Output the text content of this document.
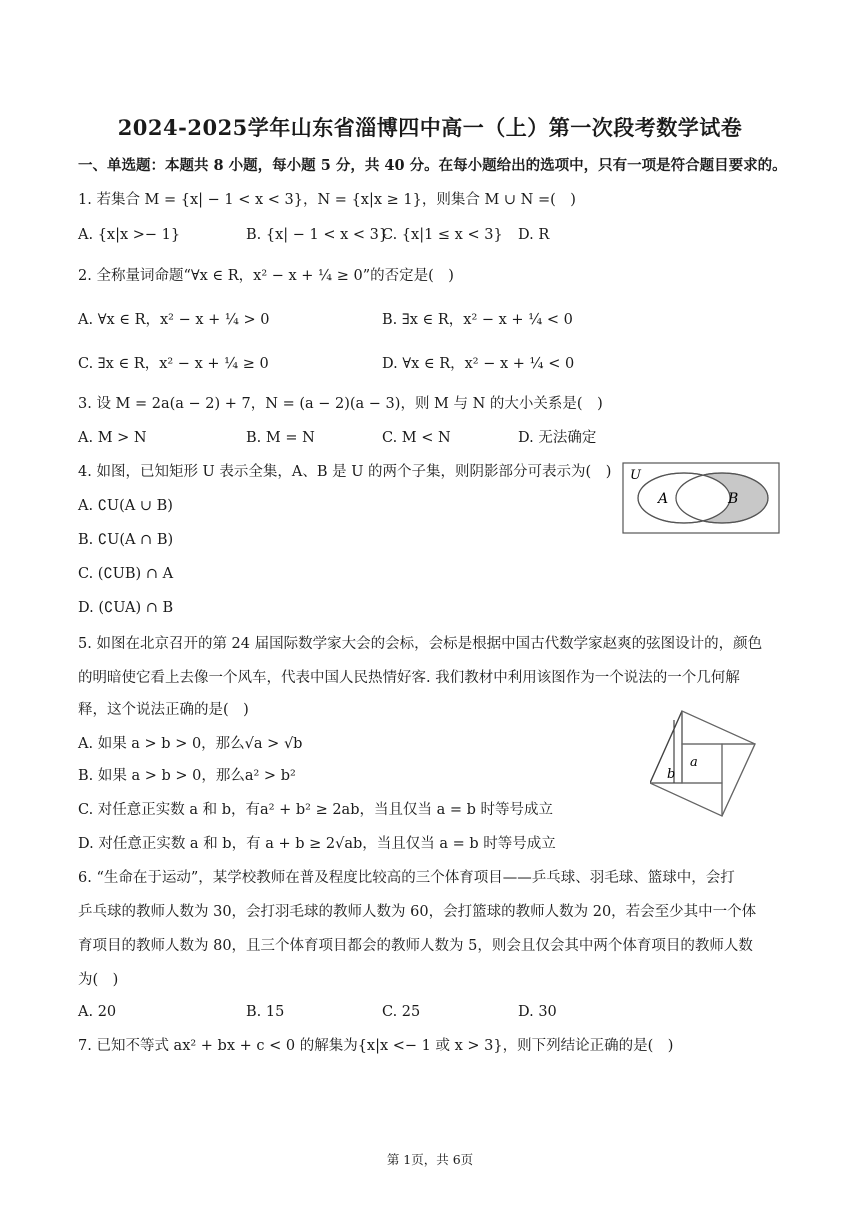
2024-2025学年山东省淄博四中高一（上）第一次段考数学试卷
一、单选题：本题共 8 小题，每小题 5 分，共 40 分。在每小题给出的选项中，只有一项是符合题目要求的。
1. 若集合 M = {x| − 1 < x < 3}，N = {x|x ≥ 1}，则集合 M ∪ N =(　)
A. {x|x >− 1}	B. {x| − 1 < x < 3}
C. {x|1 ≤ x < 3} D. R
2. 全称量词命题“∀x ∈ R，x² − x + ¼ ≥ 0”的否定是(　)
A. ∀x ∈ R，x² − x + ¼ > 0	B. ∃x ∈ R，x² − x + ¼ < 0
C. ∃x ∈ R，x² − x + ¼ ≥ 0	D. ∀x ∈ R，x² − x + ¼ < 0
3. 设 M = 2a(a − 2) + 7，N = (a − 2)(a − 3)，则 M 与 N 的大小关系是(　)
A. M > N	B. M = N	C. M < N	D. 无法确定
4. 如图，已知矩形 U 表示全集，A、B 是 U 的两个子集，则阴影部分可表示为(　)
A. ∁U(A ∪ B)
B. ∁U(A ∩ B)
C. (∁UB) ∩ A
D. (∁UA) ∩ B
U
A	B
5. 如图在北京召开的第 24 届国际数学家大会的会标，会标是根据中国古代数学家赵爽的弦图设计的，颜色
的明暗使它看上去像一个风车，代表中国人民热情好客. 我们教材中利用该图作为一个说法的一个几何解
释，这个说法正确的是(　)
A. 如果 a > b > 0，那么√a > √b
B. 如果 a > b > 0，那么a² > b²
C. 对任意正实数 a 和 b，有a² + b² ≥ 2ab，当且仅当 a = b 时等号成立
D. 对任意正实数 a 和 b，有 a + b ≥ 2√ab，当且仅当 a = b 时等号成立
a
b
6. “生命在于运动”，某学校教师在普及程度比较高的三个体育项目——乒乓球、羽毛球、篮球中，会打
乒乓球的教师人数为 30，会打羽毛球的教师人数为 60，会打篮球的教师人数为 20，若会至少其中一个体
育项目的教师人数为 80，且三个体育项目都会的教师人数为 5，则会且仅会其中两个体育项目的教师人数
为(　)
A. 20	B. 15	C. 25	D. 30
7. 已知不等式 ax² + bx + c < 0 的解集为{x|x <− 1 或 x > 3}，则下列结论正确的是(　)
第 1页，共 6页
